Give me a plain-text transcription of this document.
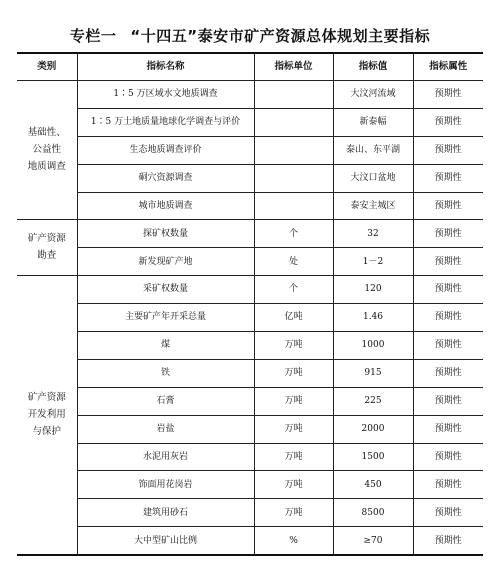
专栏一 “十四五”泰安市矿产资源总体规划主要指标
类别	指标名称	指标单位	指标值	指标属性
基础性、
公益性
地质调查	1∶5 万区域水文地质调查		大汶河流域	预期性
	1∶5 万土地质量地球化学调查与评价		新泰幅	预期性
	生态地质调查评价		泰山、东平湖	预期性
	硐穴资源调查		大汶口盆地	预期性
	城市地质调查		泰安主城区	预期性
矿产资源
勘查	探矿权数量	个	32	预期性
	新发现矿产地	处	1－2	预期性
矿产资源
开发利用
与保护	采矿权数量	个	120	预期性
	主要矿产年开采总量	亿吨	1.46	预期性
	煤	万吨	1000	预期性
	铁	万吨	915	预期性
	石膏	万吨	225	预期性
	岩盐	万吨	2000	预期性
	水泥用灰岩	万吨	1500	预期性
	饰面用花岗岩	万吨	450	预期性
	建筑用砂石	万吨	8500	预期性
	大中型矿山比例	%	≥70	预期性
